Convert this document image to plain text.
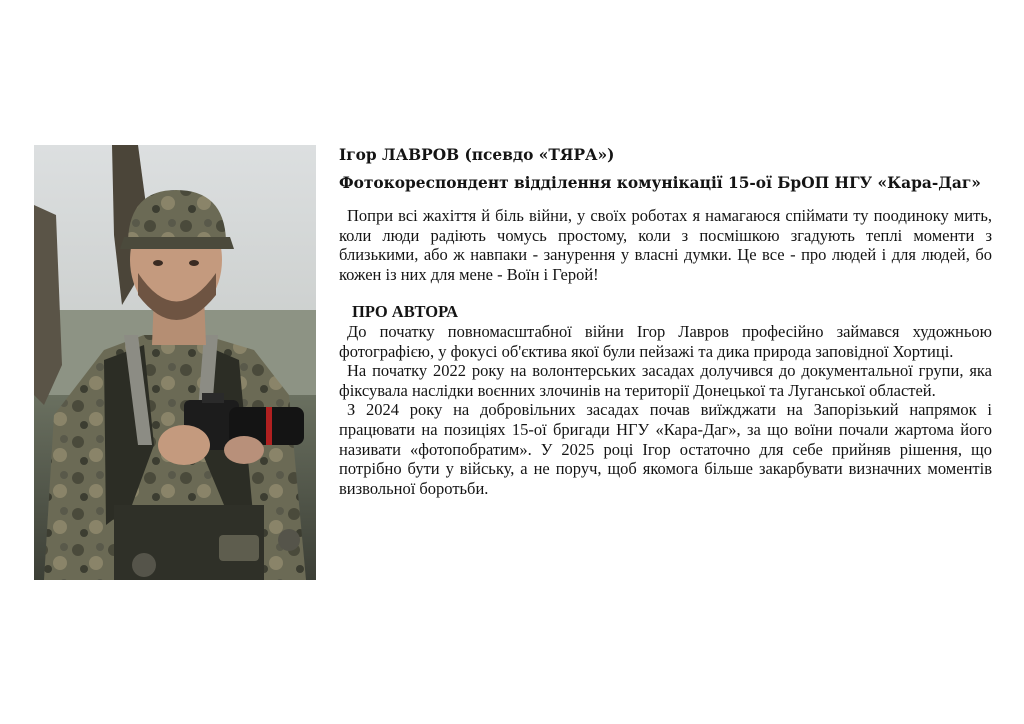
Ігор ЛАВРОВ (псевдо «ТЯРА»)

Фотокореспондент відділення комунікації 15-ої БрОП НГУ «Кара-Даг»

Попри всі жахіття й біль війни, у своїх роботах я намагаюся спіймати ту поодиноку мить, коли люди радіють чомусь простому, коли з посмішкою згадують теплі моменти з близькими, або ж навпаки - занурення у власні думки. Це все - про людей і для людей, бо кожен із них для мене - Воїн і Герой!

ПРО АВТОРА

До початку повномасштабної війни Ігор Лавров професійно займався художньою фотографією, у фокусі об'єктива якої були пейзажі та дика природа заповідної Хортиці.

На початку 2022 року на волонтерських засадах долучився до документальної групи, яка фіксувала наслідки воєнних злочинів на території Донецької та Луганської областей.

З 2024 року на добровільних засадах почав виїжджати на Запорізький напрямок і працювати на позиціях 15-ої бригади НГУ «Кара-Даг», за що воїни почали жартома його називати «фотопобратим». У 2025 році Ігор остаточно для себе прийняв рішення, що потрібно бути у війську, а не поруч, щоб якомога більше закарбувати визначних моментів визвольної боротьби.
